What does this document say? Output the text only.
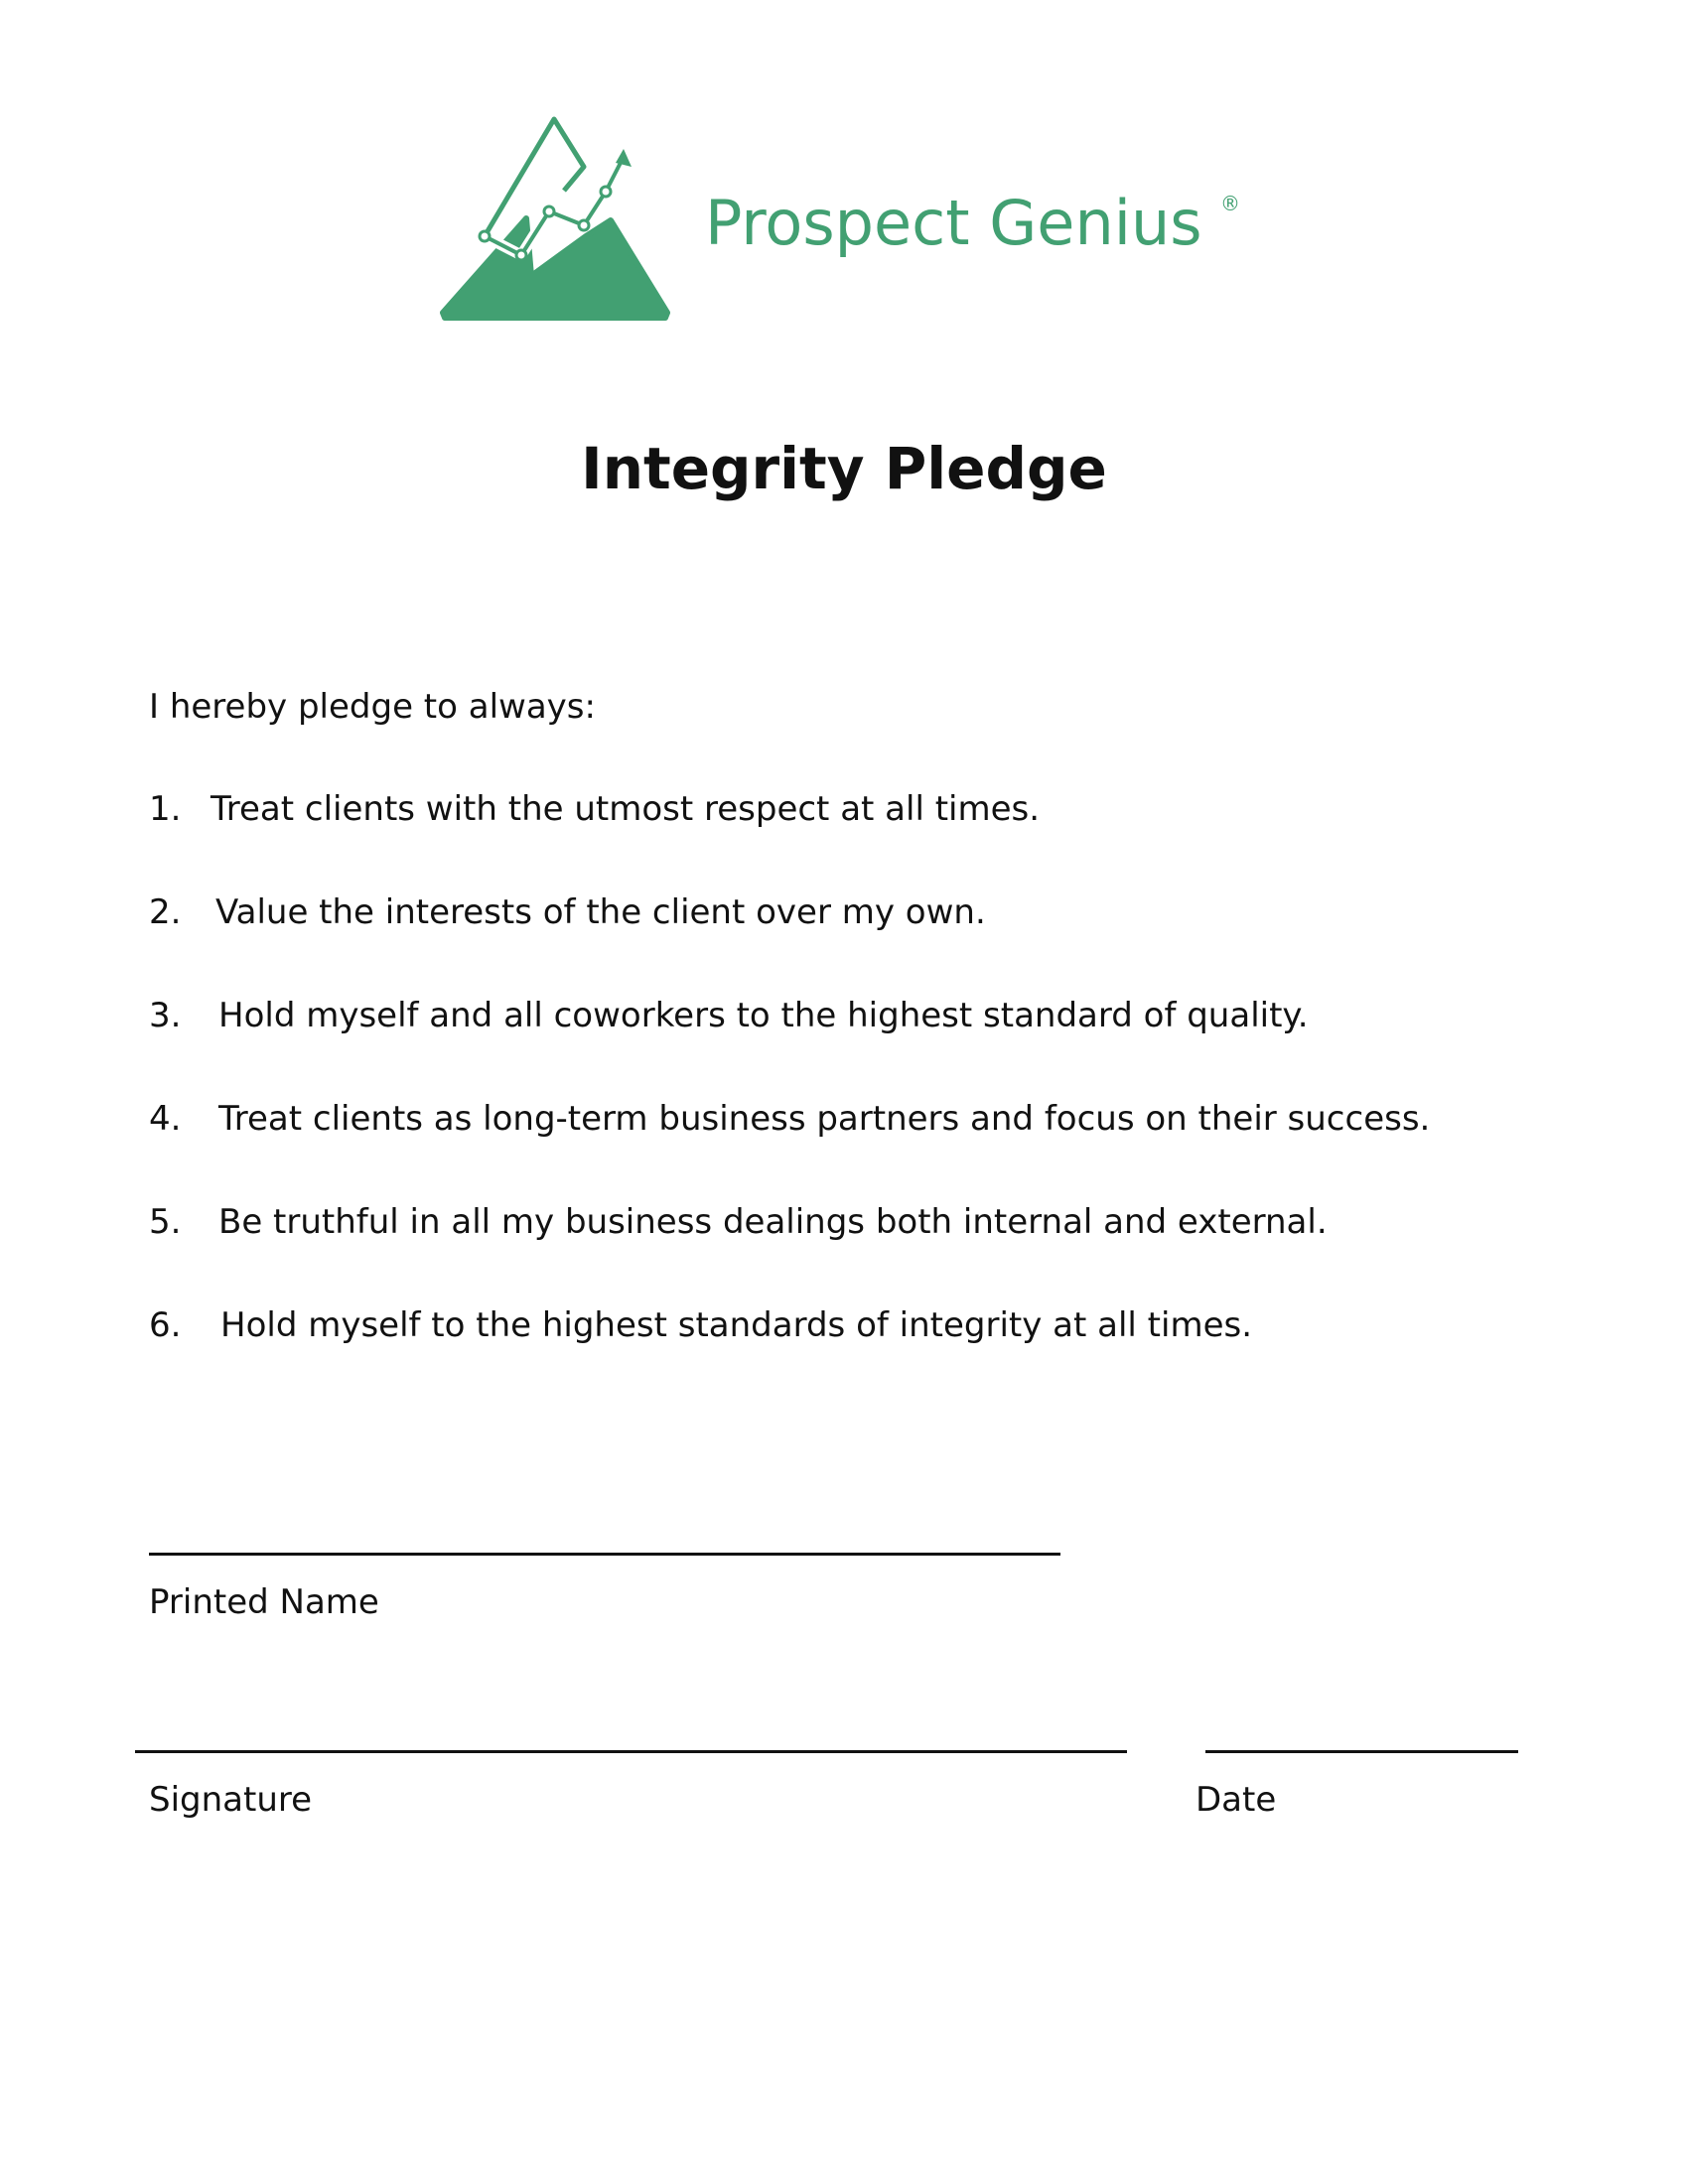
Prospect Genius ®
Integrity Pledge
I hereby pledge to always:
1. Treat clients with the utmost respect at all times.
2. Value the interests of the client over my own.
3. Hold myself and all coworkers to the highest standard of quality.
4. Treat clients as long-term business partners and focus on their success.
5. Be truthful in all my business dealings both internal and external.
6. Hold myself to the highest standards of integrity at all times.
Printed Name
Signature	Date
